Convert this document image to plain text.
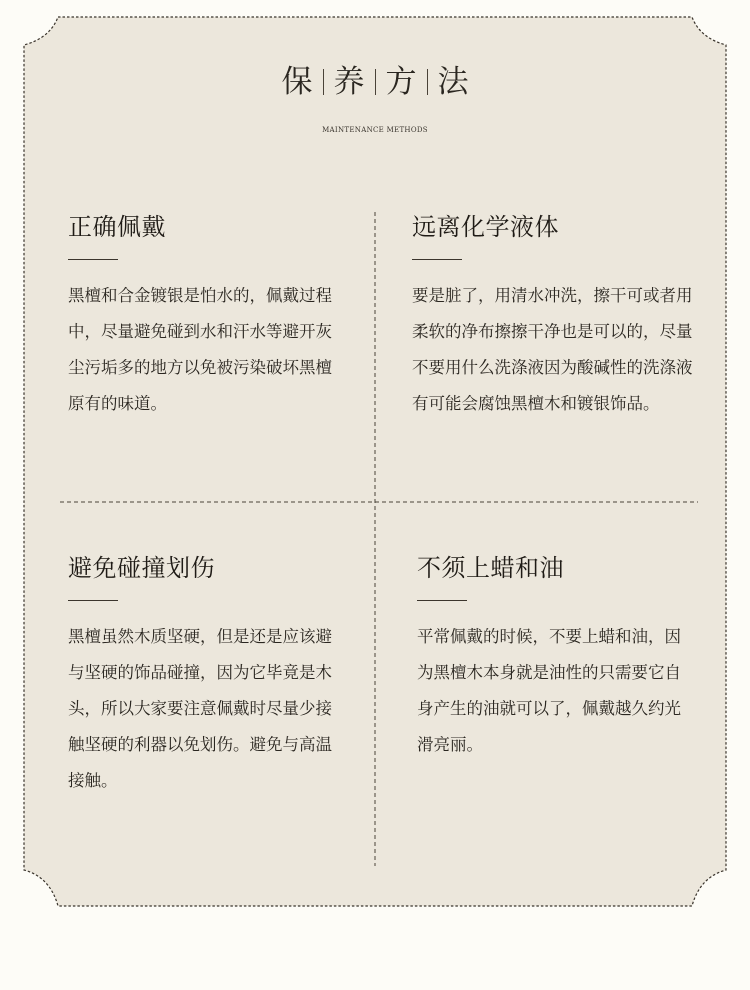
保 养 方 法
MAINTENANCE METHODS
正确佩戴

黑檀和合金镀银是怕水的，佩戴过程中，尽量避免碰到水和汗水等避开灰尘污垢多的地方以免被污染破坏黑檀原有的味道。

远离化学液体

要是脏了，用清水冲洗，擦干可或者用柔软的净布擦擦干净也是可以的，尽量不要用什么洗涤液因为酸碱性的洗涤液有可能会腐蚀黑檀木和镀银饰品。

避免碰撞划伤

黑檀虽然木质坚硬，但是还是应该避与坚硬的饰品碰撞，因为它毕竟是木头，所以大家要注意佩戴时尽量少接触坚硬的利器以免划伤。避免与高温接触。

不须上蜡和油

平常佩戴的时候，不要上蜡和油，因为黑檀木本身就是油性的只需要它自身产生的油就可以了，佩戴越久约光滑亮丽。
